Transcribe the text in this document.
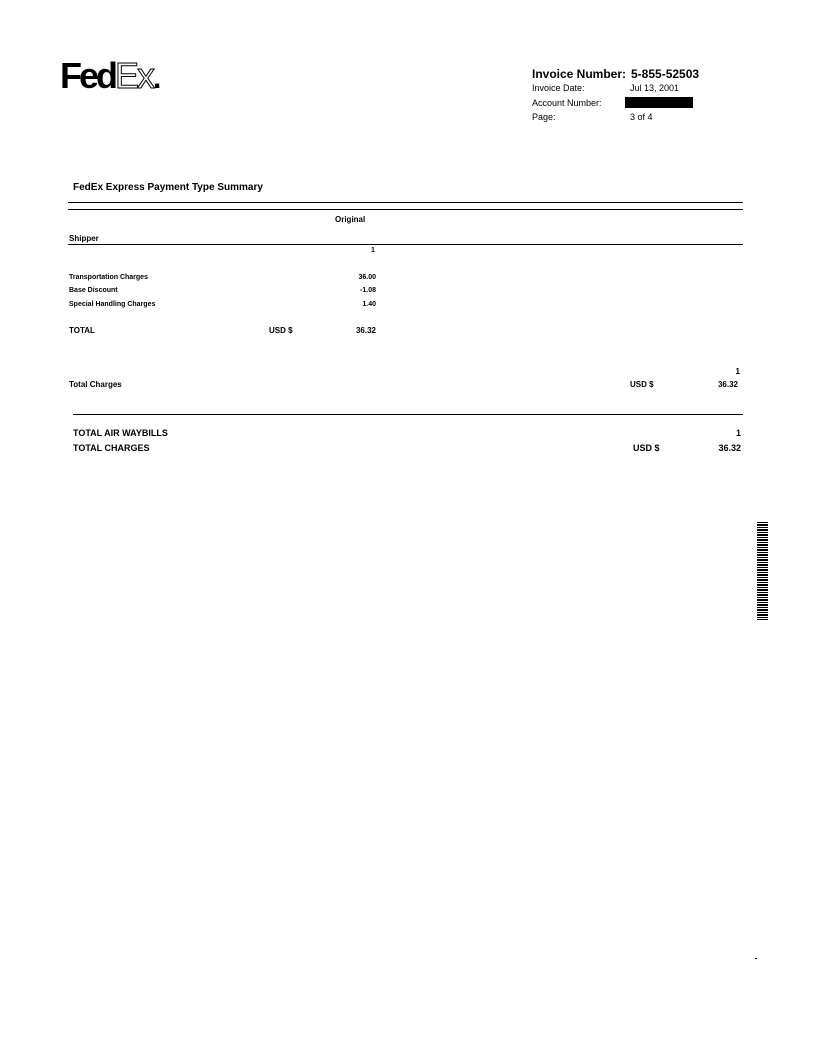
FedEx.	Invoice Number: 5-855-52503
Invoice Date:	Jul 13, 2001
Account Number:
Page:	3 of 4
FedEx Express Payment Type Summary
Original
Shipper
1
Transportation Charges	36.00
Base Discount	-1.08
Special Handling Charges	1.40
TOTAL	USD $	36.32
1
Total Charges	USD $	36.32
TOTAL AIR WAYBILLS	1
TOTAL CHARGES	USD $	36.32
